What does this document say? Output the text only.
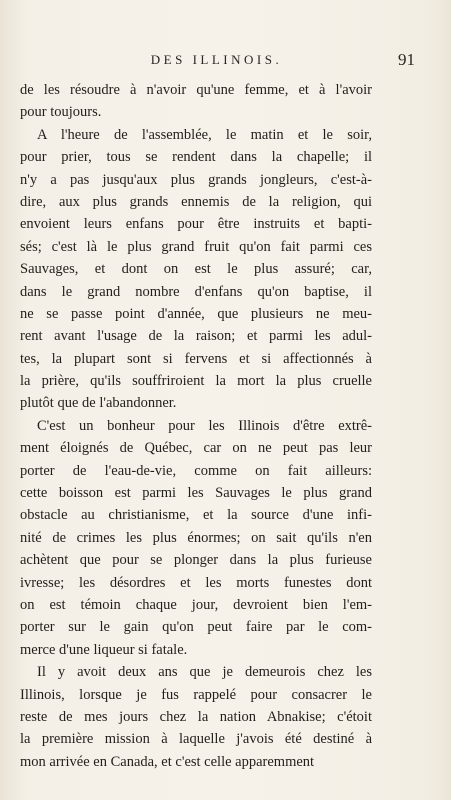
DES ILLINOIS.	91
de les résoudre à n'avoir qu'une femme, et à l'avoir
pour toujours.
A l'heure de l'assemblée, le matin et le soir,
pour prier, tous se rendent dans la chapelle; il
n'y a pas jusqu'aux plus grands jongleurs, c'est-à-
dire, aux plus grands ennemis de la religion, qui
envoient leurs enfans pour être instruits et bapti-
sés; c'est là le plus grand fruit qu'on fait parmi ces
Sauvages, et dont on est le plus assuré; car,
dans le grand nombre d'enfans qu'on baptise, il
ne se passe point d'année, que plusieurs ne meu-
rent avant l'usage de la raison; et parmi les adul-
tes, la plupart sont si fervens et si affectionnés à
la prière, qu'ils souffriroient la mort la plus cruelle
plutôt que de l'abandonner.
C'est un bonheur pour les Illinois d'être extrê-
ment éloignés de Québec, car on ne peut pas leur
porter de l'eau-de-vie, comme on fait ailleurs:
cette boisson est parmi les Sauvages le plus grand
obstacle au christianisme, et la source d'une infi-
nité de crimes les plus énormes; on sait qu'ils n'en
achètent que pour se plonger dans la plus furieuse
ivresse; les désordres et les morts funestes dont
on est témoin chaque jour, devroient bien l'em-
porter sur le gain qu'on peut faire par le com-
merce d'une liqueur si fatale.
Il y avoit deux ans que je demeurois chez les
Illinois, lorsque je fus rappelé pour consacrer le
reste de mes jours chez la nation Abnakise; c'étoit
la première mission à laquelle j'avois été destiné à
mon arrivée en Canada, et c'est celle apparemment
